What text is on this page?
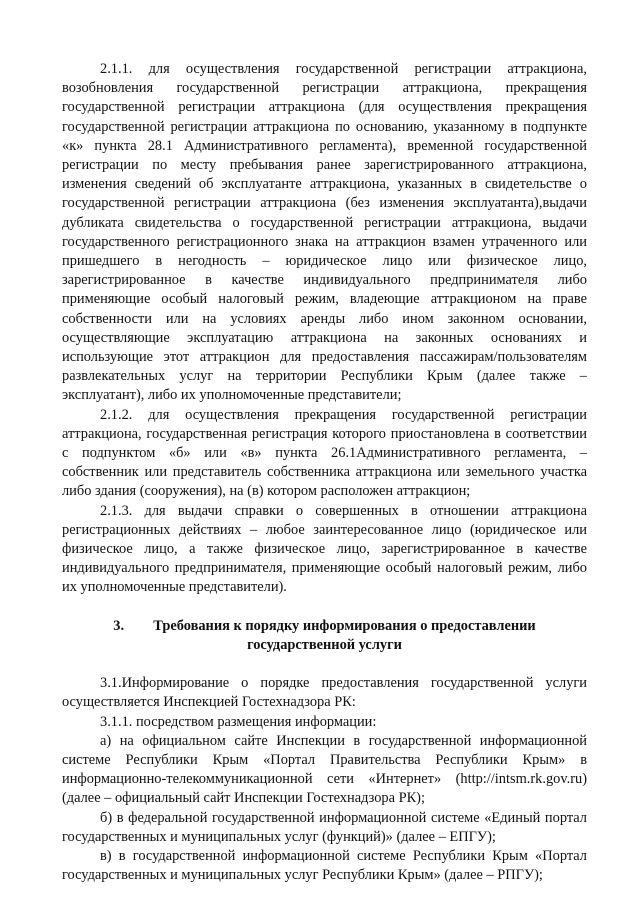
2.1.1. для осуществления государственной регистрации аттракциона, возобновления государственной регистрации аттракциона, прекращения государственной регистрации аттракциона (для осуществления прекращения государственной регистрации аттракциона по основанию, указанному в подпункте «к» пункта 28.1 Административного регламента), временной государственной регистрации по месту пребывания ранее зарегистрированного аттракциона, изменения сведений об эксплуатанте аттракциона, указанных в свидетельстве о государственной регистрации аттракциона (без изменения эксплуатанта),выдачи дубликата свидетельства о государственной регистрации аттракциона, выдачи государственного регистрационного знака на аттракцион взамен утраченного или пришедшего в негодность – юридическое лицо или физическое лицо, зарегистрированное в качестве индивидуального предпринимателя либо применяющие особый налоговый режим, владеющие аттракционом на праве собственности или на условиях аренды либо ином законном основании, осуществляющие эксплуатацию аттракциона на законных основаниях и использующие этот аттракцион для предоставления пассажирам/пользователям развлекательных услуг на территории Республики Крым (далее также – эксплуатант), либо их уполномоченные представители;

2.1.2. для осуществления прекращения государственной регистрации аттракциона, государственная регистрация которого приостановлена в соответствии с подпунктом «б» или «в» пункта 26.1Административного регламента, – собственник или представитель собственника аттракциона или земельного участка либо здания (сооружения), на (в) котором расположен аттракцион;

2.1.3. для выдачи справки о совершенных в отношении аттракциона регистрационных действиях – любое заинтересованное лицо (юридическое или физическое лицо, а также физическое лицо, зарегистрированное в качестве индивидуального предпринимателя, применяющие особый налоговый режим, либо их уполномоченные представители).

3. Требования к порядку информирования о предоставлении
государственной услуги

3.1.Информирование о порядке предоставления государственной услуги осуществляется Инспекцией Гостехнадзора РК:

3.1.1. посредством размещения информации:

а) на официальном сайте Инспекции в государственной информационной системе Республики Крым «Портал Правительства Республики Крым» в информационно-телекоммуникационной сети «Интернет» (http://intsm.rk.gov.ru) (далее – официальный сайт Инспекции Гостехнадзора РК);

б) в федеральной государственной информационной системе «Единый портал государственных и муниципальных услуг (функций)» (далее – ЕПГУ);

в) в государственной информационной системе Республики Крым «Портал государственных и муниципальных услуг Республики Крым» (далее – РПГУ);
